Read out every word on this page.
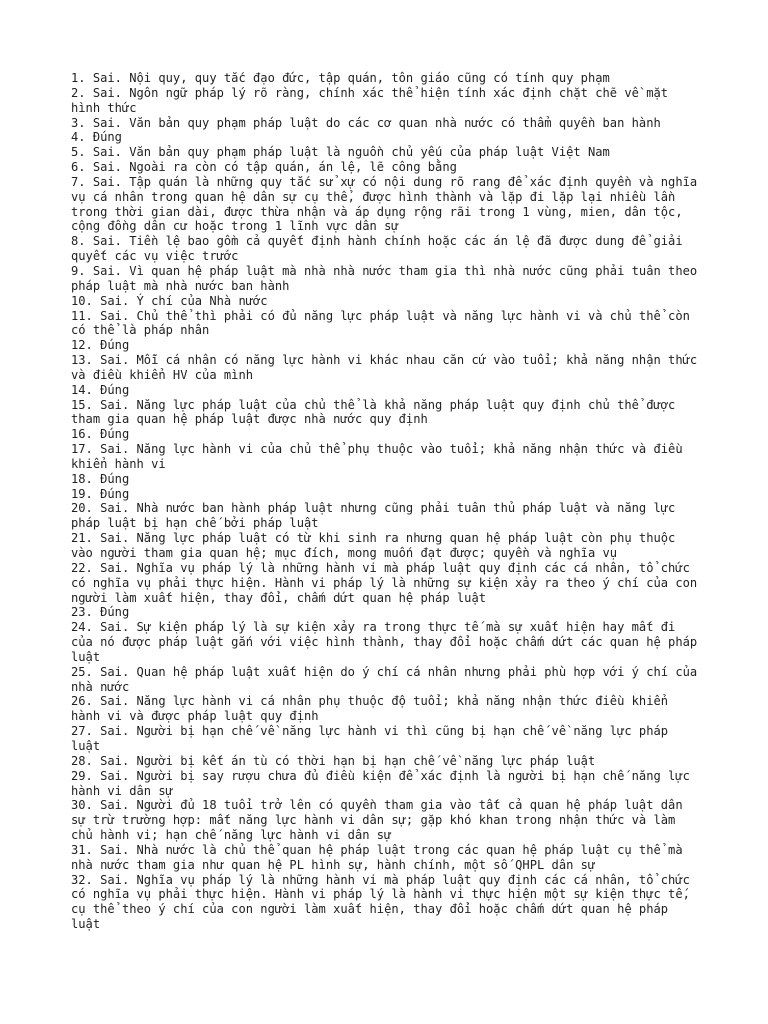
1. Sai. Nội quy, quy tắc đạo đức, tập quán, tôn giáo cũng có tính quy phạm
2. Sai. Ngôn ngữ pháp lý rõ ràng, chính xác thể hiện tính xác định chặt chẽ về mặt hình thức
3. Sai. Văn bản quy phạm pháp luật do các cơ quan nhà nước có thẩm quyền ban hành
4. Đúng
5. Sai. Văn bản quy phạm pháp luật là nguồn chủ yếu của pháp luật Việt Nam
6. Sai. Ngoài ra còn có tập quán, án lệ, lẽ công bằng
7. Sai. Tập quán là những quy tắc sử xự có nội dung rõ rang để xác định quyền và nghĩa vụ cá nhân trong quan hệ dân sự cụ thể, được hình thành và lặp đi lặp lại nhiều lần trong thời gian dài, được thừa nhận và áp dụng rộng rãi trong 1 vùng, mien, dân tộc, cộng đồng dân cư hoặc trong 1 lĩnh vực dân sự
8. Sai. Tiền lệ bao gồm cả quyết định hành chính hoặc các án lệ đã được dung để giải quyết các vụ việc trước
9. Sai. Vì quan hệ pháp luật mà nhà nhà nước tham gia thì nhà nước cũng phải tuân theo pháp luật mà nhà nước ban hành
10. Sai. Ý chí của Nhà nước
11. Sai. Chủ thể thì phải có đủ năng lực pháp luật và năng lực hành vi và chủ thể còn có thể là pháp nhân
12. Đúng
13. Sai. Mỗi cá nhân có năng lực hành vi khác nhau căn cứ vào tuổi; khả năng nhận thức và điều khiển HV của mình
14. Đúng
15. Sai. Năng lực pháp luật của chủ thể là khả năng pháp luật quy định chủ thể được tham gia quan hệ pháp luật được nhà nước quy định
16. Đúng
17. Sai. Năng lực hành vi của chủ thể phụ thuộc vào tuổi; khả năng nhận thức và điều khiển hành vi
18. Đúng
19. Đúng
20. Sai. Nhà nước ban hành pháp luật nhưng cũng phải tuân thủ pháp luật và năng lực pháp luật bị hạn chế bởi pháp luật
21. Sai. Năng lực pháp luật có từ khi sinh ra nhưng quan hệ pháp luật còn phụ thuộc vào người tham gia quan hệ; mục đích, mong muốn đạt được; quyền và nghĩa vụ
22. Sai. Nghĩa vụ pháp lý là những hành vi mà pháp luật quy định các cá nhân, tổ chức có nghĩa vụ phải thực hiện. Hành vi pháp lý là những sự kiện xảy ra theo ý chí của con người làm xuất hiện, thay đổi, chấm dứt quan hệ pháp luật
23. Đúng
24. Sai. Sự kiện pháp lý là sự kiện xảy ra trong thực tế mà sự xuất hiện hay mất đi của nó được pháp luật gắn với việc hình thành, thay đổi hoặc chấm dứt các quan hệ pháp luật
25. Sai. Quan hệ pháp luật xuất hiện do ý chí cá nhân nhưng phải phù hợp với ý chí của nhà nước
26. Sai. Năng lực hành vi cá nhân phụ thuộc độ tuổi; khả năng nhận thức điều khiển hành vi và được pháp luật quy định
27. Sai. Người bị hạn chế về năng lực hành vi thì cũng bị hạn chế về năng lực pháp luật
28. Sai. Người bị kết án tù có thời hạn bị hạn chế về năng lực pháp luật
29. Sai. Người bị say rượu chưa đủ điều kiện để xác định là người bị hạn chế năng lực hành vi dân sự
30. Sai. Người đủ 18 tuổi trở lên có quyền tham gia vào tất cả quan hệ pháp luật dân sự trừ trường hợp: mất năng lực hành vi dân sự; gặp khó khan trong nhận thức và làm chủ hành vi; hạn chế năng lực hành vi dân sự
31. Sai. Nhà nước là chủ thể quan hệ pháp luật trong các quan hệ pháp luật cụ thể mà nhà nước tham gia như quan hệ PL hình sự, hành chính, một số QHPL dân sự
32. Sai. Nghĩa vụ pháp lý là những hành vi mà pháp luật quy định các cá nhân, tổ chức có nghĩa vụ phải thực hiện. Hành vi pháp lý là hành vi thực hiện một sự kiện thực tế, cụ thể theo ý chí của con người làm xuất hiện, thay đổi hoặc chấm dứt quan hệ pháp luật
